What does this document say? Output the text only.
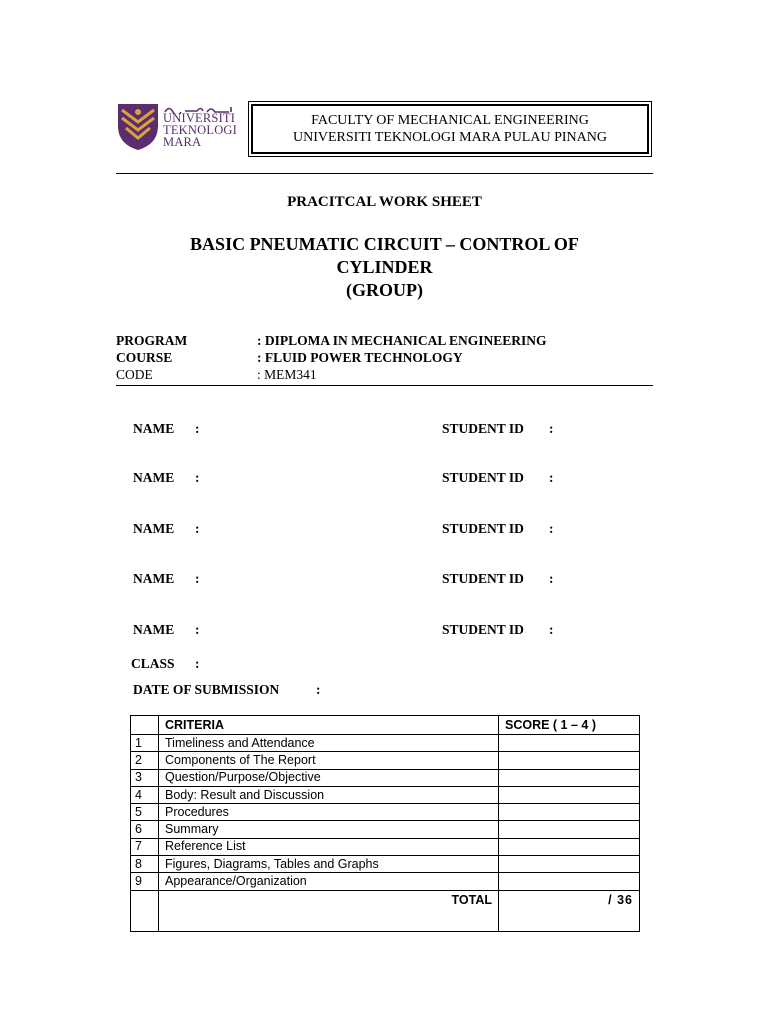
UNIVERSITI
TEKNOLOGI
MARA
FACULTY OF MECHANICAL ENGINEERING
UNIVERSITI TEKNOLOGI MARA PULAU PINANG
PRACITCAL WORK SHEET
BASIC PNEUMATIC CIRCUIT – CONTROL OF
CYLINDER
(GROUP)
PROGRAM	: DIPLOMA IN MECHANICAL ENGINEERING
COURSE	: FLUID POWER TECHNOLOGY
CODE	: MEM341
NAME :	STUDENT ID :
NAME :	STUDENT ID :
NAME :	STUDENT ID :
NAME :	STUDENT ID :
NAME :	STUDENT ID :
CLASS :
DATE OF SUBMISSION	:
	CRITERIA	SCORE ( 1 – 4 )
1	Timeliness and Attendance	
2	Components of The Report	
3	Question/Purpose/Objective	
4	Body: Result and Discussion	
5	Procedures	
6	Summary	
7	Reference List	
8	Figures, Diagrams, Tables and Graphs	
9	Appearance/Organization	
	TOTAL	/ 36
